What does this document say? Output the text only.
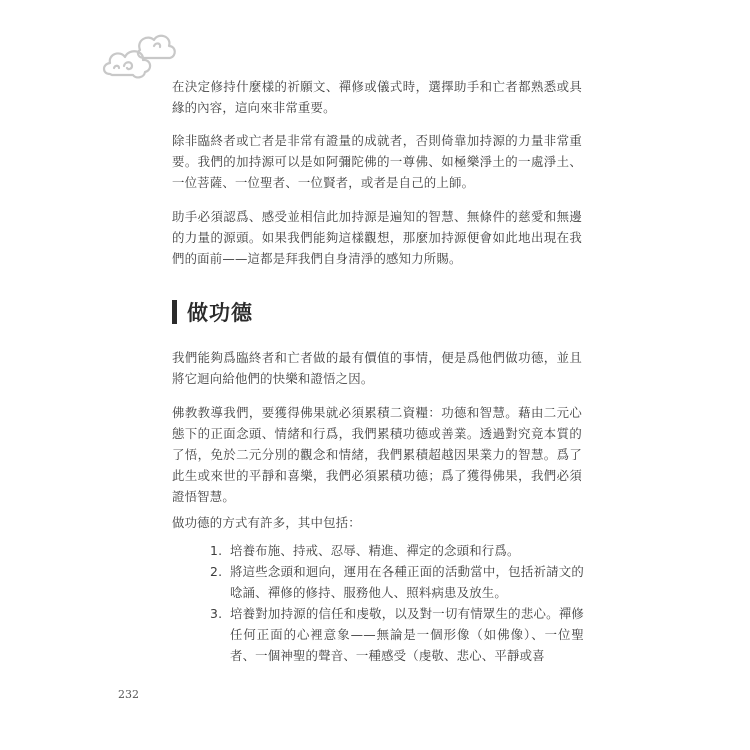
在決定修持什麼樣的祈願文、禪修或儀式時，選擇助手和亡者都熟悉或具緣的內容，這向來非常重要。

除非臨終者或亡者是非常有證量的成就者，否則倚靠加持源的力量非常重要。我們的加持源可以是如阿彌陀佛的一尊佛、如極樂淨土的一處淨土、一位菩薩、一位聖者、一位賢者，或者是自己的上師。

助手必須認爲、感受並相信此加持源是遍知的智慧、無條件的慈愛和無邊的力量的源頭。如果我們能夠這樣觀想，那麼加持源便會如此地出現在我們的面前——這都是拜我們自身清淨的感知力所賜。

做功德

我們能夠爲臨終者和亡者做的最有價值的事情，便是爲他們做功德，並且將它迴向給他們的快樂和證悟之因。

佛教教導我們，要獲得佛果就必須累積二資糧：功德和智慧。藉由二元心態下的正面念頭、情緒和行爲，我們累積功德或善業。透過對究竟本質的了悟，免於二元分別的觀念和情緒，我們累積超越因果業力的智慧。爲了此生或來世的平靜和喜樂，我們必須累積功德；爲了獲得佛果，我們必須證悟智慧。

做功德的方式有許多，其中包括：

1. 培養布施、持戒、忍辱、精進、禪定的念頭和行爲。
2. 將這些念頭和迴向，運用在各種正面的活動當中，包括祈請文的唸誦、禪修的修持、服務他人、照料病患及放生。
3. 培養對加持源的信任和虔敬，以及對一切有情眾生的悲心。禪修任何正面的心裡意象——無論是一個形像（如佛像）、一位聖者、一個神聖的聲音、一種感受（虔敬、悲心、平靜或喜
232
